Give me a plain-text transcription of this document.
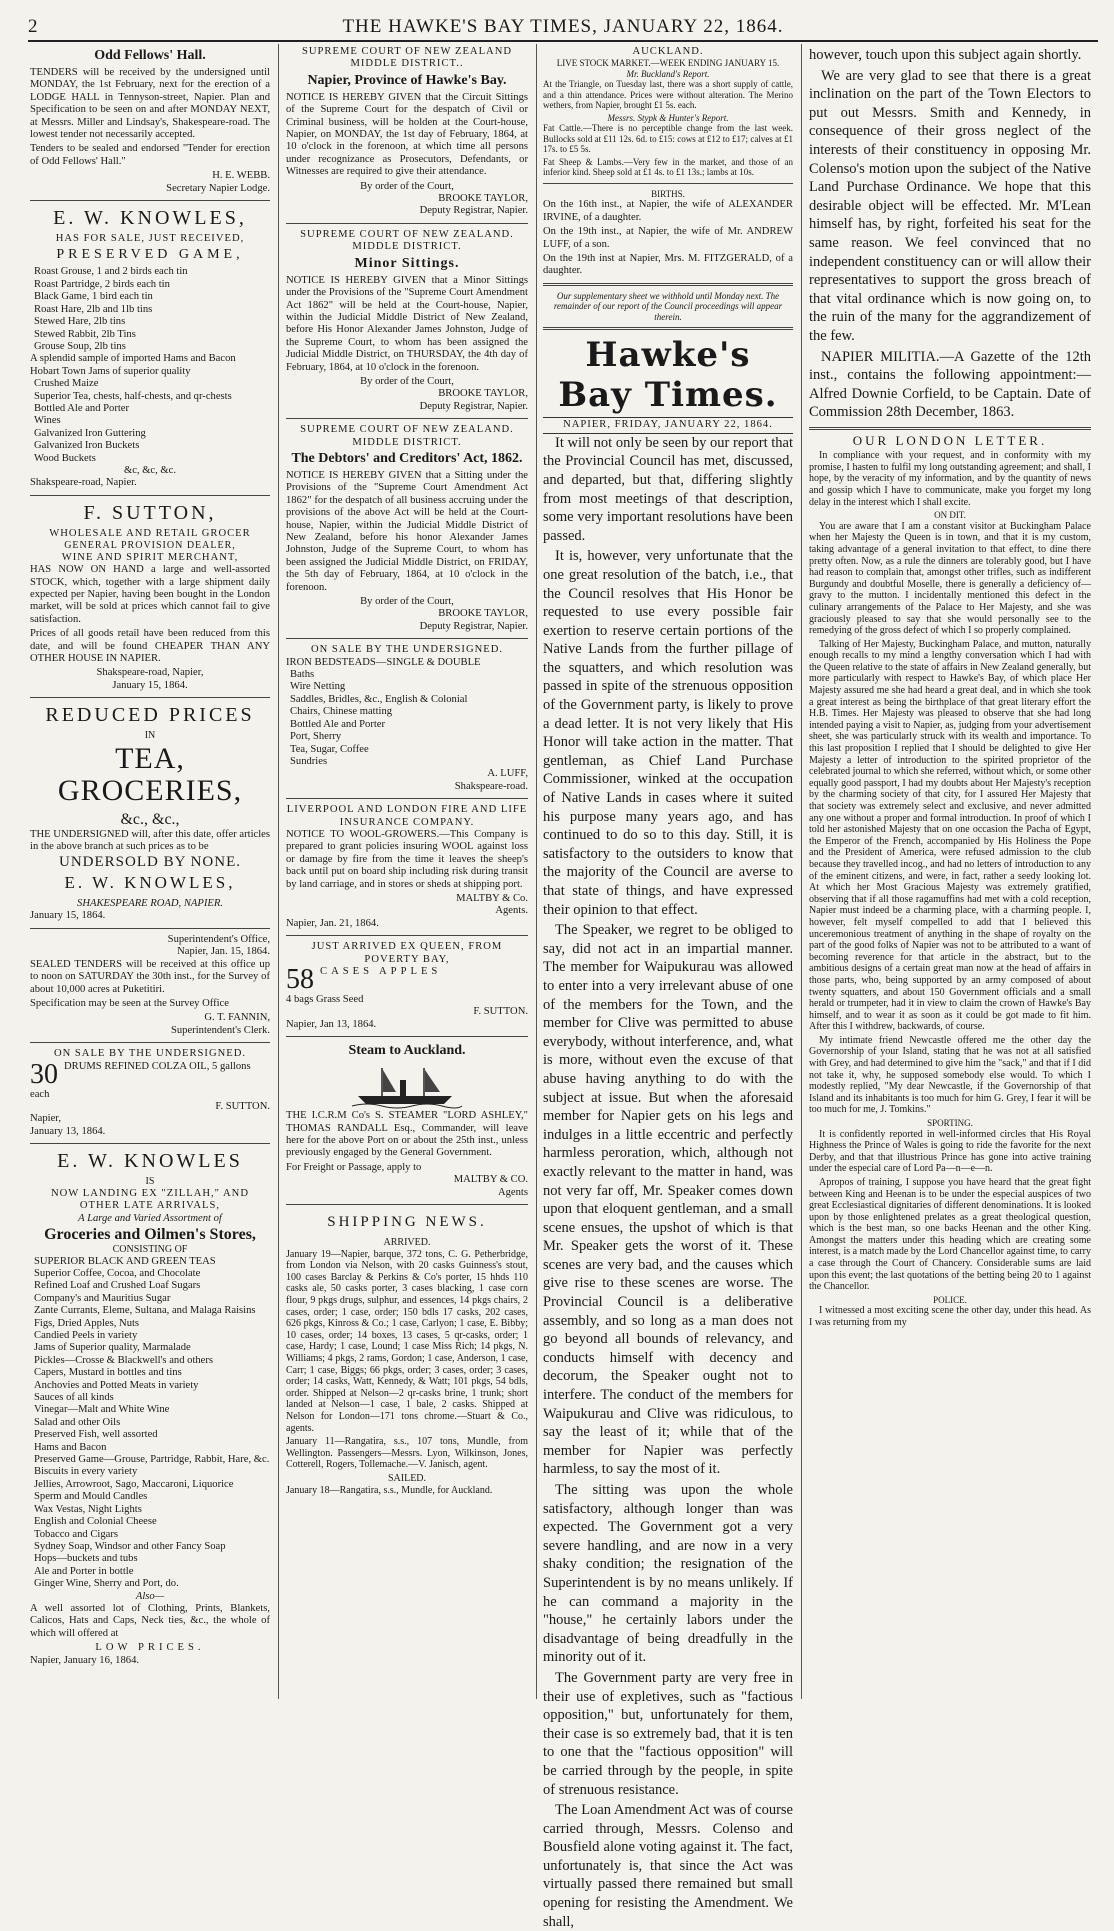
2	THE HAWKE'S BAY TIMES, JANUARY 22, 1864.
Odd Fellows' Hall.

TENDERS will be received by the undersigned until MONDAY, the 1st February, next for the erection of a LODGE HALL in Tennyson-street, Napier. Plan and Specification to be seen on and after MONDAY NEXT, at Messrs. Miller and Lindsay's, Shakespeare-road. The lowest tender not necessarily accepted.

Tenders to be sealed and endorsed "Tender for erection of Odd Fellows' Hall."

H. E. WEBB.
Secretary Napier Lodge.
E. W. KNOWLES,
HAS FOR SALE, JUST RECEIVED,
PRESERVED GAME,
Roast Grouse, 1 and 2 birds each tin
Roast Partridge, 2 birds each tin
Black Game, 1 bird each tin
Roast Hare, 2lb and 1lb tins
Stewed Hare, 2lb tins
Stewed Rabbit, 2lb Tins
Grouse Soup, 2lb tins
A splendid sample of imported Hams and Bacon
Hobart Town Jams of superior quality
Crushed Maize
Superior Tea, chests, half-chests, and qr-chests
Bottled Ale and Porter
Wines
Galvanized Iron Guttering
Galvanized Iron Buckets
Wood Buckets
&c, &c, &c.
Shakspeare-road, Napier.
F. SUTTON,
WHOLESALE AND RETAIL GROCER
GENERAL PROVISION DEALER,
WINE AND SPIRIT MERCHANT,

HAS NOW ON HAND a large and well-assorted STOCK, which, together with a large shipment daily expected per Napier, having been bought in the London market, will be sold at prices which cannot fail to give satisfaction.

Prices of all goods retail have been reduced from this date, and will be found CHEAPER THAN ANY OTHER HOUSE IN NAPIER.

Shakspeare-road, Napier,
January 15, 1864.
REDUCED PRICES
IN
TEA, GROCERIES,
&c., &c.,

THE UNDERSIGNED will, after this date, offer articles in the above branch at such prices as to be

UNDERSOLD BY NONE.
E. W. KNOWLES,
SHAKESPEARE ROAD, NAPIER.
January 15, 1864.
Superintendent's Office,
Napier, Jan. 15, 1864.

SEALED TENDERS will be received at this office up to noon on SATURDAY the 30th inst., for the Survey of about 10,000 acres at Puketitiri.

Specification may be seen at the Survey Office

G. T. FANNIN,
Superintendent's Clerk.
ON SALE BY THE UNDERSIGNED.
30 DRUMS REFINED COLZA OIL, 5 gallons each
F. SUTTON.
Napier,
January 13, 1864.
E. W. KNOWLES
IS
NOW LANDING EX "ZILLAH," AND OTHER LATE ARRIVALS,
A Large and Varied Assortment of
Groceries and Oilmen's Stores,
CONSISTING OF
SUPERIOR BLACK AND GREEN TEAS
Superior Coffee, Cocoa, and Chocolate
Refined Loaf and Crushed Loaf Sugars
Company's and Mauritius Sugar
Zante Currants, Eleme, Sultana, and Malaga Raisins
Figs, Dried Apples, Nuts
Candied Peels in variety
Jams of Superior quality, Marmalade
Pickles—Crosse & Blackwell's and others
Capers, Mustard in bottles and tins
Anchovies and Potted Meats in variety
Sauces of all kinds
Vinegar—Malt and White Wine
Salad and other Oils
Preserved Fish, well assorted
Hams and Bacon
Preserved Game—Grouse, Partridge, Rabbit, Hare, &c.
Biscuits in every variety
Jellies, Arrowroot, Sago, Maccaroni, Liquorice
Sperm and Mould Candles
Wax Vestas, Night Lights
English and Colonial Cheese
Tobacco and Cigars
Sydney Soap, Windsor and other Fancy Soap
Hops—buckets and tubs
Ale and Porter in bottle
Ginger Wine, Sherry and Port, do.
Also—

A well assorted lot of Clothing, Prints, Blankets, Calicos, Hats and Caps, Neck ties, &c., the whole of which will offered at

LOW PRICES.
Napier, January 16, 1864.
SUPREME COURT OF NEW ZEALAND
MIDDLE DISTRICT..
Napier, Province of Hawke's Bay.

NOTICE IS HEREBY GIVEN that the Circuit Sittings of the Supreme Court for the despatch of Civil or Criminal business, will be holden at the Court-house, Napier, on MONDAY, the 1st day of February, 1864, at 10 o'clock in the forenoon, at which time all persons under recognizance as Prosecutors, Defendants, or Witnesses are required to give their attendance.

By order of the Court,
BROOKE TAYLOR,
Deputy Registrar, Napier.
SUPREME COURT OF NEW ZEALAND.
MIDDLE DISTRICT.
Minor Sittings.

NOTICE IS HEREBY GIVEN that a Minor Sittings under the Provisions of the "Supreme Court Amendment Act 1862" will be held at the Court-house, Napier, within the Judicial Middle District of New Zealand, before His Honor Alexander James Johnston, Judge of the Supreme Court, to whom has been assigned the Judicial Middle District, on THURSDAY, the 4th day of February, 1864, at 10 o'clock in the forenoon.

By order of the Court,
BROOKE TAYLOR,
Deputy Registrar, Napier.
SUPREME COURT OF NEW ZEALAND.
MIDDLE DISTRICT.
The Debtors' and Creditors' Act, 1862.

NOTICE IS HEREBY GIVEN that a Sitting under the Provisions of the "Supreme Court Amendment Act 1862" for the despatch of all business accruing under the provisions of the above Act will be held at the Court-house, Napier, within the Judicial Middle District of New Zealand, before his honor Alexander James Johnston, Judge of the Supreme Court, to whom has been assigned the Judicial Middle District, on FRIDAY, the 5th day of February, 1864, at 10 o'clock in the forenoon.

By order of the Court,
BROOKE TAYLOR,
Deputy Registrar, Napier.
ON SALE BY THE UNDERSIGNED.
IRON BEDSTEADS—SINGLE & DOUBLE
Baths
Wire Netting
Saddles, Bridles, &c., English & Colonial
Chairs, Chinese matting
Bottled Ale and Porter
Port, Sherry
Tea, Sugar, Coffee
Sundries
A. LUFF,
Shakspeare-road.
LIVERPOOL AND LONDON FIRE AND LIFE INSURANCE COMPANY.

NOTICE TO WOOL-GROWERS.—This Company is prepared to grant policies insuring WOOL against loss or damage by fire from the time it leaves the sheep's back until put on board ship including risk during transit by land carriage, and in stores or sheds at shipping port.

MALTBY & Co.
Agents.
Napier, Jan. 21, 1864.
JUST ARRIVED EX QUEEN, FROM POVERTY BAY,
58 CASES APPLES
4 bags Grass Seed
F. SUTTON.
Napier, Jan 13, 1864.
Steam to Auckland.

THE I.C.R.M Co's S. STEAMER "LORD ASHLEY," THOMAS RANDALL Esq., Commander, will leave here for the above Port on or about the 25th inst., unless previously engaged by the General Government.

For Freight or Passage, apply to
MALTBY & CO.
Agents
SHIPPING NEWS.
ARRIVED.

January 19—Napier, barque, 372 tons, C. G. Petherbridge, from London via Nelson, with 20 casks Guinness's stout, 100 cases Barclay & Perkins & Co's porter, 15 hhds 110 casks ale, 50 casks porter, 3 cases blacking, 1 case corn flour, 9 pkgs drugs, sulphur, and essences, 14 pkgs chairs, 2 cases, order; 1 case, order; 150 bdls 17 casks, 202 cases, 626 pkgs, Kinross & Co.; 1 case, Carlyon; 1 case, E. Bibby; 10 cases, order; 14 boxes, 13 cases, 5 qr-casks, order; 1 case, Hardy; 1 case, Lound; 1 case Miss Rich; 14 pkgs, N. Williams; 4 pkgs, 2 rams, Gordon; 1 case, Anderson, 1 case, Carr; 1 case, Biggs; 66 pkgs, order; 3 cases, order; 3 cases, order; 14 casks, Watt, Kennedy, & Watt; 101 pkgs, 54 bdls, order. Shipped at Nelson—2 qr-casks brine, 1 trunk; short landed at Nelson—1 case, 1 bale, 2 casks. Shipped at Nelson for London—171 tons chrome.—Stuart & Co., agents.

January 11—Rangatira, s.s., 107 tons, Mundle, from Wellington. Passengers—Messrs. Lyon, Wilkinson, Jones, Cotterell, Rogers, Tollemache.—V. Janisch, agent.

SAILED.

January 18—Rangatira, s.s., Mundle, for Auckland.

AUCKLAND.
LIVE STOCK MARKET.—WEEK ENDING JANUARY 15.
Mr. Buckland's Report.

At the Triangle, on Tuesday last, there was a short supply of cattle, and a thin attendance. Prices were without alteration. The Merino wethers, from Napier, brought £1 5s. each.

Messrs. Stypk & Hunter's Report.

Fat Cattle.—There is no perceptible change from the last week. Bullocks sold at £11 12s. 6d. to £15: cows at £12 to £17; calves at £1 17s. to £5 5s.

Fat Sheep & Lambs.—Very few in the market, and those of an inferior kind. Sheep sold at £1 4s. to £1 13s.; lambs at 10s.

BIRTHS.

On the 16th inst., at Napier, the wife of ALEXANDER IRVINE, of a daughter.

On the 19th inst., at Napier, the wife of Mr. ANDREW LUFF, of a son.

On the 19th inst at Napier, Mrs. M. FITZGERALD, of a daughter.

Our supplementary sheet we withhold until Monday next. The remainder of our report of the Council proceedings will appear therein.

Hawke's Bay Times.
NAPIER, FRIDAY, JANUARY 22, 1864.

It will not only be seen by our report that the Provincial Council has met, discussed, and departed, but that, differing slightly from most meetings of that description, some very important resolutions have been passed.

It is, however, very unfortunate that the one great resolution of the batch, i.e., that the Council resolves that His Honor be requested to use every possible fair exertion to reserve certain portions of the Native Lands from the further pillage of the squatters, and which resolution was passed in spite of the strenuous opposition of the Government party, is likely to prove a dead letter. It is not very likely that His Honor will take action in the matter. That gentleman, as Chief Land Purchase Commissioner, winked at the occupation of Native Lands in cases where it suited his purpose many years ago, and has continued to do so to this day. Still, it is satisfactory to the outsiders to know that the majority of the Council are averse to that state of things, and have expressed their opinion to that effect.

The Speaker, we regret to be obliged to say, did not act in an impartial manner. The member for Waipukurau was allowed to enter into a very irrelevant abuse of one of the members for the Town, and the member for Clive was permitted to abuse everybody, without interference, and, what is more, without even the excuse of that abuse having anything to do with the subject at issue. But when the aforesaid member for Napier gets on his legs and indulges in a little eccentric and perfectly harmless peroration, which, although not exactly relevant to the matter in hand, was not very far off, Mr. Speaker comes down upon that eloquent gentleman, and a small scene ensues, the upshot of which is that Mr. Speaker gets the worst of it. These scenes are very bad, and the causes which give rise to these scenes are worse. The Provincial Council is a deliberative assembly, and so long as a man does not go beyond all bounds of relevancy, and conducts himself with decency and decorum, the Speaker ought not to interfere. The conduct of the members for Waipukurau and Clive was ridiculous, to say the least of it; while that of the member for Napier was perfectly harmless, to say the most of it.

The sitting was upon the whole satisfactory, although longer than was expected. The Government got a very severe handling, and are now in a very shaky condition; the resignation of the Superintendent is by no means unlikely. If he can command a majority in the "house," he certainly labors under the disadvantage of being dreadfully in the minority out of it.

The Government party are very free in their use of expletives, such as "factious opposition," but, unfortunately for them, their case is so extremely bad, that it is ten to one that the "factious opposition" will be carried through by the people, in spite of strenuous resistance.

The Loan Amendment Act was of course carried through, Messrs. Colenso and Bousfield alone voting against it. The fact, unfortunately is, that since the Act was virtually passed there remained but small opening for resisting the Amendment. We shall,

however, touch upon this subject again shortly.

We are very glad to see that there is a great inclination on the part of the Town Electors to put out Messrs. Smith and Kennedy, in consequence of their gross neglect of the interests of their constituency in opposing Mr. Colenso's motion upon the subject of the Native Land Purchase Ordinance. We hope that this desirable object will be effected. Mr. M'Lean himself has, by right, forfeited his seat for the same reason. We feel convinced that no independent constituency can or will allow their representatives to support the gross breach of that vital ordinance which is now going on, to the ruin of the many for the aggrandizement of the few.

NAPIER MILITIA.—A Gazette of the 12th inst., contains the following appointment:—Alfred Downie Corfield, to be Captain. Date of Commission 28th December, 1863.

OUR LONDON LETTER.

In compliance with your request, and in conformity with my promise, I hasten to fulfil my long outstanding agreement; and shall, I hope, by the veracity of my information, and by the quantity of news and gossip which I have to communicate, make you forget my long delay in the interest which I shall excite.

ON DIT.

You are aware that I am a constant visitor at Buckingham Palace when her Majesty the Queen is in town, and that it is my custom, taking advantage of a general invitation to that effect, to dine there pretty often. Now, as a rule the dinners are tolerably good, but I have had reason to complain that, amongst other trifles, such as indifferent Burgundy and doubtful Moselle, there is generally a deficiency of—gravy to the mutton. I incidentally mentioned this defect in the culinary arrangements of the Palace to Her Majesty, and she was graciously pleased to say that she would personally see to the remedying of the gross defect of which I so properly complained.

Talking of Her Majesty, Buckingham Palace, and mutton, naturally enough recalls to my mind a lengthy conversation which I had with the Queen relative to the state of affairs in New Zealand generally, but more particularly with respect to Hawke's Bay, of which place Her Majesty assured me she had heard a great deal, and in which she took a great interest as being the birthplace of that great literary effort the H.B. Times. Her Majesty was pleased to observe that she had long intended paying a visit to Napier, as, judging from your advertisement sheet, she was particularly struck with its wealth and importance. To this last proposition I replied that I should be delighted to give Her Majesty a letter of introduction to the spirited proprietor of the celebrated journal to which she referred, without which, or some other equally good passport, I had my doubts about Her Majesty's reception by the charming society of that city, for I assured Her Majesty that that society was extremely select and exclusive, and never admitted any one without a proper and formal introduction. In proof of which I told her astonished Majesty that on one occasion the Pacha of Egypt, the Emperor of the French, accompanied by His Holiness the Pope and the President of America, were refused admission to the club because they travelled incog., and had no letters of introduction to any of the eminent citizens, and were, in fact, rather a seedy looking lot. At which her Most Gracious Majesty was extremely gratified, observing that if all those ragamuffins had met with a cold reception, Napier must indeed be a charming place, with a charming people. I, however, felt myself compelled to add that I believed this unceremonious treatment of anything in the shape of royalty on the part of the good folks of Napier was not to be attributed to a want of becoming reverence for that article in the abstract, but to the ambitious designs of a certain great man now at the head of affairs in those parts, who, being supported by an army composed of about twenty squatters, and about 150 Government officials and a small herald or trumpeter, had it in view to claim the crown of Hawke's Bay himself, and to wear it as soon as it could be got made to fit him. After this I withdrew, backwards, of course.

My intimate friend Newcastle offered me the other day the Governorship of your Island, stating that he was not at all satisfied with Grey, and had determined to give him the "sack," and that if I did not take it, why, he supposed somebody else would. To which I modestly replied, "My dear Newcastle, if the Governorship of that Island and its inhabitants is too much for him G. Grey, I fear it will be too much for me, J. Tomkins."

SPORTING.

It is confidently reported in well-informed circles that His Royal Highness the Prince of Wales is going to ride the favorite for the next Derby, and that that illustrious Prince has gone into active training under the especial care of Lord Pa—n—e—n.

Apropos of training, I suppose you have heard that the great fight between King and Heenan is to be under the especial auspices of two great Ecclesiastical dignitaries of different denominations. It is looked upon by those enlightened prelates as a great theological question, which is the best man, so one backs Heenan and the other King. Amongst the matters under this heading which are creating some interest, is a match made by the Lord Chancellor against time, to carry a case through the Court of Chancery. Considerable sums are laid upon this event; the last quotations of the betting being 20 to 1 against the Chancellor.

POLICE.

I witnessed a most exciting scene the other day, under this head. As I was returning from my
